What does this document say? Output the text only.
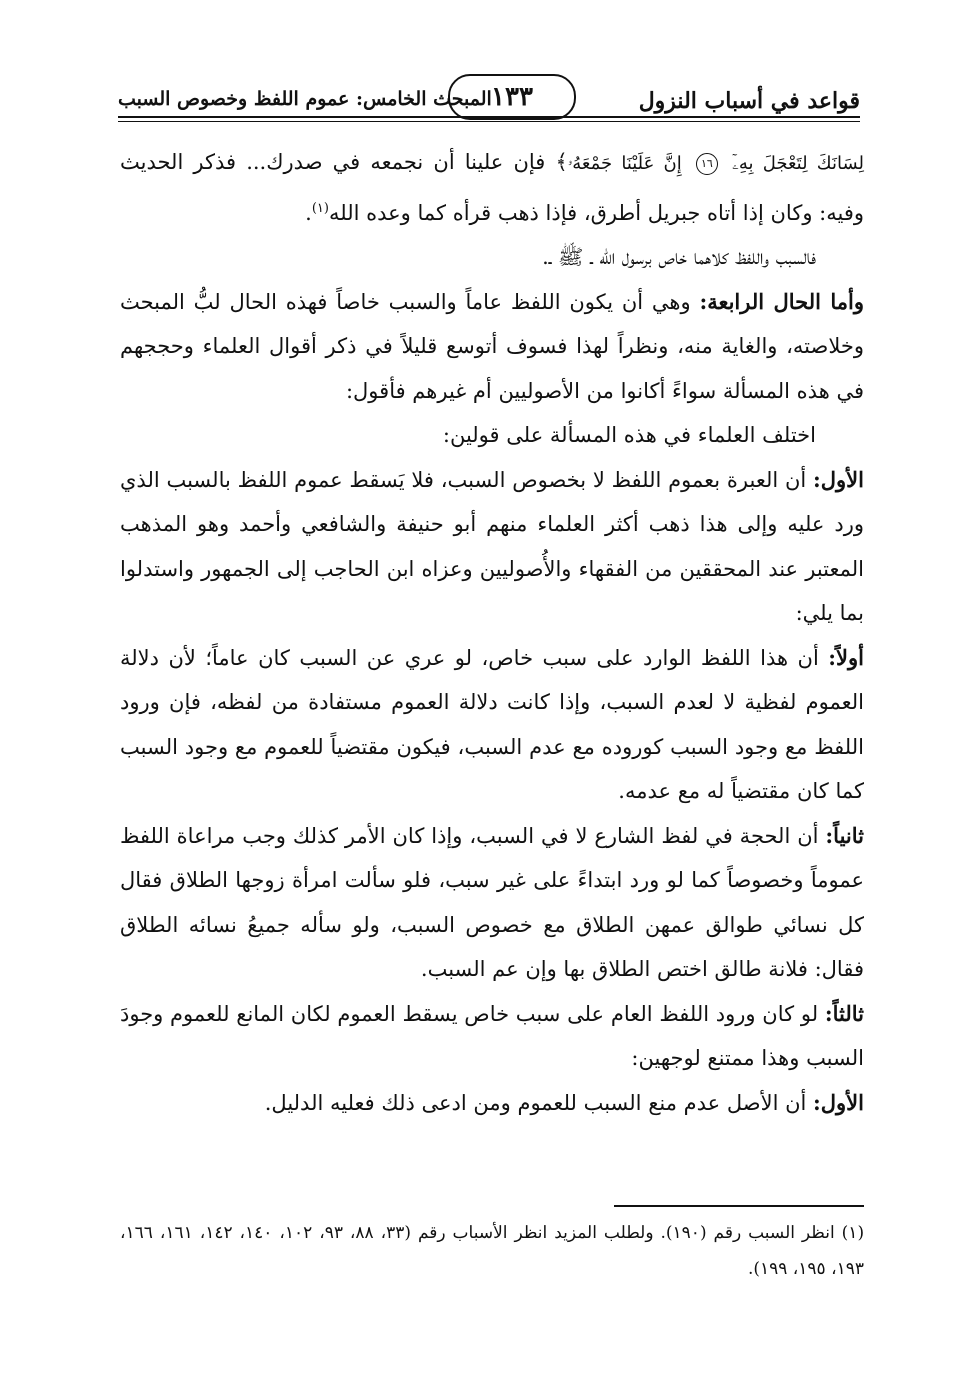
قواعد في أسباب النزول
١٣٣
المبحث الخامس: عموم اللفظ وخصوص السبب

لِسَانَكَ لِتَعْجَلَ بِهِۦٓ ١٦ إِنَّ عَلَيْنَا جَمْعَهُۥ﴾ فإن علينا أن نجمعه في صدرك... فذكر الحديث وفيه: وكان إذا أتاه جبريل أطرق، فإذا ذهب قرأه كما وعده الله$^{(١)}$.

فالسبب واللفظ كلاهما خاص برسول الله ـ ﷺ ـ.

وأما الحال الرابعة: وهي أن يكون اللفظ عاماً والسبب خاصاً فهذه الحال لبُّ المبحث وخلاصته، والغاية منه، ونظراً لهذا فسوف أتوسع قليلاً في ذكر أقوال العلماء وحججهم في هذه المسألة سواءً أكانوا من الأصوليين أم غيرهم فأقول:

اختلف العلماء في هذه المسألة على قولين:

الأول: أن العبرة بعموم اللفظ لا بخصوص السبب، فلا يَسقط عموم اللفظ بالسبب الذي ورد عليه وإلى هذا ذهب أكثر العلماء منهم أبو حنيفة والشافعي وأحمد وهو المذهب المعتبر عند المحققين من الفقهاء والأُصوليين وعزاه ابن الحاجب إلى الجمهور واستدلوا بما يلي:

أولاً: أن هذا اللفظ الوارد على سبب خاص، لو عري عن السبب كان عاماً؛ لأن دلالة العموم لفظية لا لعدم السبب، وإذا كانت دلالة العموم مستفادة من لفظه، فإن ورود اللفظ مع وجود السبب كوروده مع عدم السبب، فيكون مقتضياً للعموم مع وجود السبب كما كان مقتضياً له مع عدمه.

ثانياً: أن الحجة في لفظ الشارع لا في السبب، وإذا كان الأمر كذلك وجب مراعاة اللفظ عموماً وخصوصاً كما لو ورد ابتداءً على غير سبب، فلو سألت امرأة زوجها الطلاق فقال كل نسائي طوالق عمهن الطلاق مع خصوص السبب، ولو سأله جميعُ نسائه الطلاق فقال: فلانة طالق اختص الطلاق بها وإن عم السبب.

ثالثاً: لو كان ورود اللفظ العام على سبب خاص يسقط العموم لكان المانع للعموم وجودَ السبب وهذا ممتنع لوجهين:

الأول: أن الأصل عدم منع السبب للعموم ومن ادعى ذلك فعليه الدليل.

(١) انظر السبب رقم (١٩٠). ولطلب المزيد انظر الأسباب رقم (٣٣، ٨٨، ٩٣، ١٠٢، ١٤٠، ١٤٢، ١٦١، ١٦٦، ١٩٣، ١٩٥، ١٩٩).
